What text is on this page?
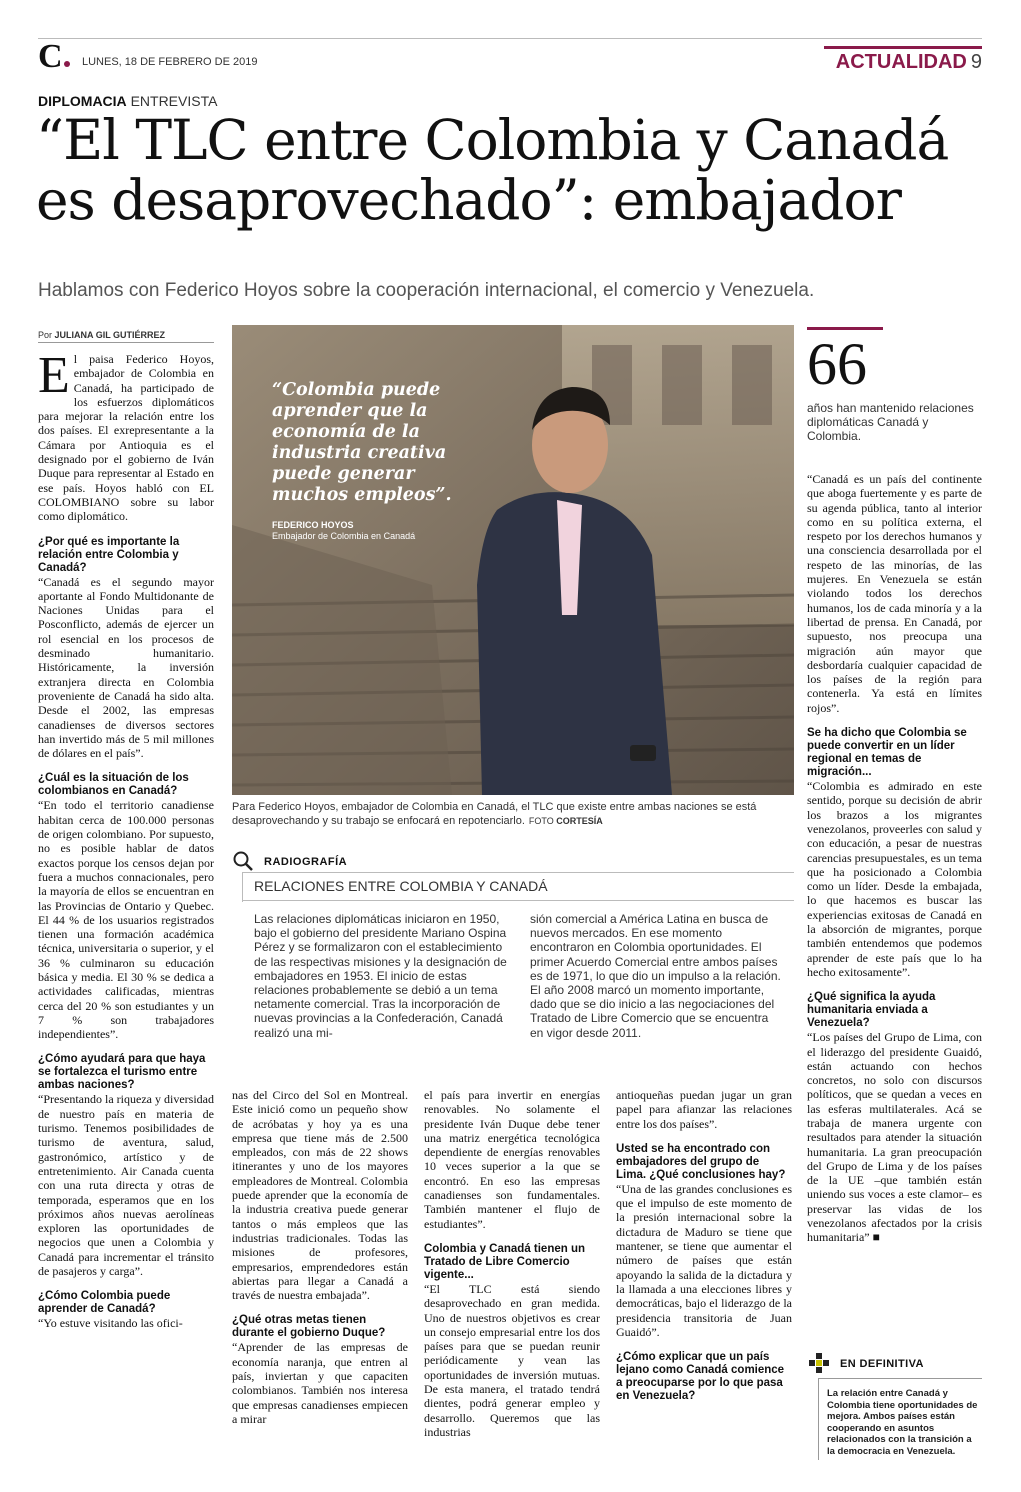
C	LUNES, 18 DE FEBRERO DE 2019	ACTUALIDAD 9
DIPLOMACIA ENTREVISTA
“El TLC entre Colombia y Canadá es desaprovechado”: embajador
Hablamos con Federico Hoyos sobre la cooperación internacional, el comercio y Venezuela.
Por JULIANA GIL GUTIÉRREZ

El paisa Federico Hoyos, embajador de Colombia en Canadá, ha participado de los esfuerzos diplomáticos para mejorar la relación entre los dos países. El exrepresentante a la Cámara por Antioquia es el designado por el gobierno de Iván Duque para representar al Estado en ese país. Hoyos habló con EL COLOMBIANO sobre su labor como diplomático.

¿Por qué es importante la relación entre Colombia y Canadá?

“Canadá es el segundo mayor aportante al Fondo Multidonante de Naciones Unidas para el Posconflicto, además de ejercer un rol esencial en los procesos de desminado humanitario. Históricamente, la inversión extranjera directa en Colombia proveniente de Canadá ha sido alta. Desde el 2002, las empresas canadienses de diversos sectores han invertido más de 5 mil millones de dólares en el país”.

¿Cuál es la situación de los colombianos en Canadá?

“En todo el territorio canadiense habitan cerca de 100.000 personas de origen colombiano. Por supuesto, no es posible hablar de datos exactos porque los censos dejan por fuera a muchos connacionales, pero la mayoría de ellos se encuentran en las Provincias de Ontario y Quebec. El 44 % de los usuarios registrados tienen una formación académica técnica, universitaria o superior, y el 36 % culminaron su educación básica y media. El 30 % se dedica a actividades calificadas, mientras cerca del 20 % son estudiantes y un 7 % son trabajadores independientes”.

¿Cómo ayudará para que haya se fortalezca el turismo entre ambas naciones?

“Presentando la riqueza y diversidad de nuestro país en materia de turismo. Tenemos posibilidades de turismo de aventura, salud, gastronómico, artístico y de entretenimiento. Air Canada cuenta con una ruta directa y otras de temporada, esperamos que en los próximos años nuevas aerolíneas exploren las oportunidades de negocios que unen a Colombia y Canadá para incrementar el tránsito de pasajeros y carga”.

¿Cómo Colombia puede aprender de Canadá?

“Yo estuve visitando las ofici-

“Colombia puede aprender que la economía de la industria creativa puede generar muchos empleos”.
FEDERICO HOYOS
Embajador de Colombia en Canadá
Para Federico Hoyos, embajador de Colombia en Canadá, el TLC que existe entre ambas naciones se está desaprovechando y su trabajo se enfocará en repotenciarlo. FOTO CORTESÍA
66
años han mantenido relaciones diplomáticas Canadá y Colombia.
RADIOGRAFÍA
RELACIONES ENTRE COLOMBIA Y CANADÁ
Las relaciones diplomáticas iniciaron en 1950, bajo el gobierno del presidente Mariano Ospina Pérez y se formalizaron con el establecimiento de las respectivas misiones y la designación de embajadores en 1953. El inicio de estas relaciones probablemente se debió a un tema netamente comercial. Tras la incorporación de nuevas provincias a la Confederación, Canadá realizó una mi-
sión comercial a América Latina en busca de nuevos mercados. En ese momento encontraron en Colombia oportunidades. El primer Acuerdo Comercial entre ambos países es de 1971, lo que dio un impulso a la relación. El año 2008 marcó un momento importante, dado que se dio inicio a las negociaciones del Tratado de Libre Comercio que se encuentra en vigor desde 2011.

nas del Circo del Sol en Montreal. Este inició como un pequeño show de acróbatas y hoy ya es una empresa que tiene más de 2.500 empleados, con más de 22 shows itinerantes y uno de los mayores empleadores de Montreal. Colombia puede aprender que la economía de la industria creativa puede generar tantos o más empleos que las industrias tradicionales. Todas las misiones de profesores, empresarios, emprendedores están abiertas para llegar a Canadá a través de nuestra embajada”.

¿Qué otras metas tienen durante el gobierno Duque?

“Aprender de las empresas de economía naranja, que entren al país, inviertan y que capaciten colombianos. También nos interesa que empresas canadienses empiecen a mirar

el país para invertir en energías renovables. No solamente el presidente Iván Duque debe tener una matriz energética tecnológica dependiente de energías renovables 10 veces superior a la que se encontró. En eso las empresas canadienses son fundamentales. También mantener el flujo de estudiantes”.

Colombia y Canadá tienen un Tratado de Libre Comercio vigente...

“El TLC está siendo desaprovechado en gran medida. Uno de nuestros objetivos es crear un consejo empresarial entre los dos países para que se puedan reunir periódicamente y vean las oportunidades de inversión mutuas. De esta manera, el tratado tendrá dientes, podrá generar empleo y desarrollo. Queremos que las industrias

antioqueñas puedan jugar un gran papel para afianzar las relaciones entre los dos países”.

Usted se ha encontrado con embajadores del grupo de Lima. ¿Qué conclusiones hay?

“Una de las grandes conclusiones es que el impulso de este momento de la presión internacional sobre la dictadura de Maduro se tiene que mantener, se tiene que aumentar el número de países que están apoyando la salida de la dictadura y la llamada a una elecciones libres y democráticas, bajo el liderazgo de la presidencia transitoria de Juan Guaidó”.

¿Cómo explicar que un país lejano como Canadá comience a preocuparse por lo que pasa en Venezuela?

“Canadá es un país del continente que aboga fuertemente y es parte de su agenda pública, tanto al interior como en su política externa, el respeto por los derechos humanos y una consciencia desarrollada por el respeto de las minorías, de las mujeres. En Venezuela se están violando todos los derechos humanos, los de cada minoría y a la libertad de prensa. En Canadá, por supuesto, nos preocupa una migración aún mayor que desbordaría cualquier capacidad de los países de la región para contenerla. Ya está en límites rojos”.

Se ha dicho que Colombia se puede convertir en un líder regional en temas de migración...

“Colombia es admirado en este sentido, porque su decisión de abrir los brazos a los migrantes venezolanos, proveerles con salud y con educación, a pesar de nuestras carencias presupuestales, es un tema que ha posicionado a Colombia como un líder. Desde la embajada, lo que hacemos es buscar las experiencias exitosas de Canadá en la absorción de migrantes, porque también entendemos que podemos aprender de este país que lo ha hecho exitosamente”.

¿Qué significa la ayuda humanitaria enviada a Venezuela?

“Los países del Grupo de Lima, con el liderazgo del presidente Guaidó, están actuando con hechos concretos, no solo con discursos políticos, que se quedan a veces en las esferas multilaterales. Acá se trabaja de manera urgente con resultados para atender la situación humanitaria. La gran preocupación del Grupo de Lima y de los países de la UE –que también están uniendo sus voces a este clamor– es preservar las vidas de los venezolanos afectados por la crisis humanitaria” ■

EN DEFINITIVA
La relación entre Canadá y Colombia tiene oportunidades de mejora. Ambos países están cooperando en asuntos relacionados con la transición a la democracia en Venezuela.
